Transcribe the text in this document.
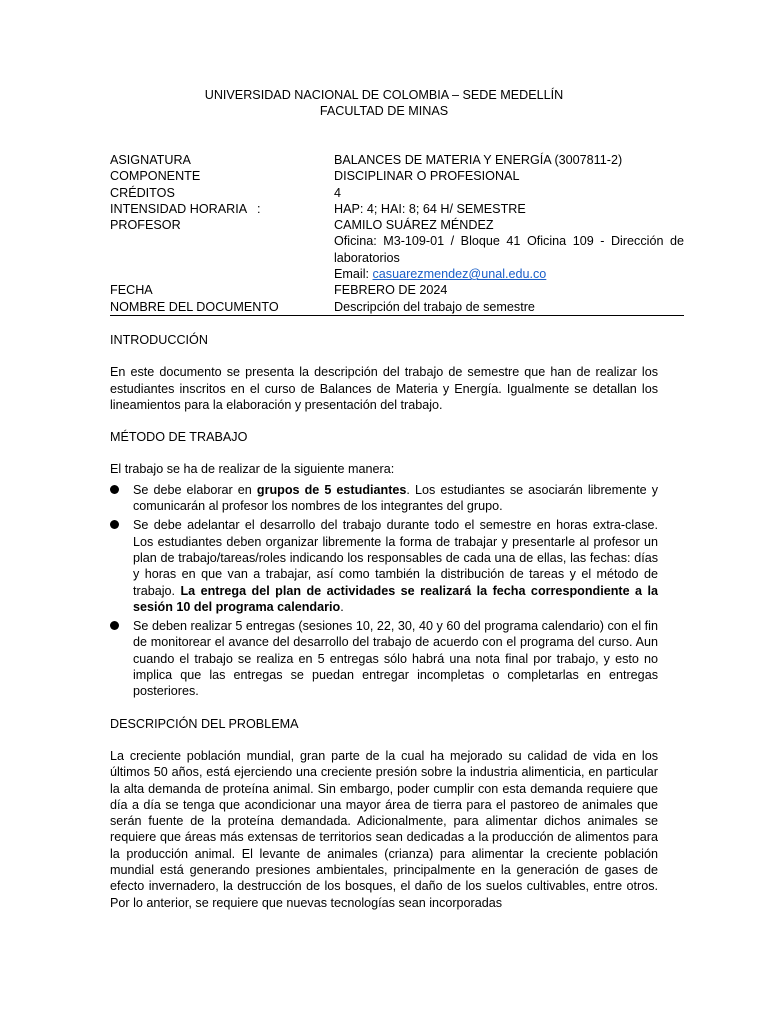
UNIVERSIDAD NACIONAL DE COLOMBIA – SEDE MEDELLÍN
FACULTAD DE MINAS
ASIGNATURA	BALANCES DE MATERIA Y ENERGÍA (3007811-2)
COMPONENTE	DISCIPLINAR O PROFESIONAL
CRÉDITOS	4
INTENSIDAD HORARIA   :	HAP: 4; HAI: 8; 64 H/ SEMESTRE
PROFESOR	CAMILO SUÁREZ MÉNDEZ
Oficina: M3-109-01 / Bloque 41 Oficina 109 - Dirección de laboratorios
Email: casuarezmendez@unal.edu.co
FECHA	FEBRERO DE 2024
NOMBRE DEL DOCUMENTO	Descripción del trabajo de semestre
INTRODUCCIÓN

En este documento se presenta la descripción del trabajo de semestre que han de realizar los estudiantes inscritos en el curso de Balances de Materia y Energía. Igualmente se detallan los lineamientos para la elaboración y presentación del trabajo.

MÉTODO DE TRABAJO

El trabajo se ha de realizar de la siguiente manera:

Se debe elaborar en grupos de 5 estudiantes. Los estudiantes se asociarán libremente y comunicarán al profesor los nombres de los integrantes del grupo.
Se debe adelantar el desarrollo del trabajo durante todo el semestre en horas extra-clase. Los estudiantes deben organizar libremente la forma de trabajar y presentarle al profesor un plan de trabajo/tareas/roles indicando los responsables de cada una de ellas, las fechas: días y horas en que van a trabajar, así como también la distribución de tareas y el método de trabajo. La entrega del plan de actividades se realizará la fecha correspondiente a la sesión 10 del programa calendario.
Se deben realizar 5 entregas (sesiones 10, 22, 30, 40 y 60 del programa calendario) con el fin de monitorear el avance del desarrollo del trabajo de acuerdo con el programa del curso. Aun cuando el trabajo se realiza en 5 entregas sólo habrá una nota final por trabajo, y esto no implica que las entregas se puedan entregar incompletas o completarlas en entregas posteriores.
DESCRIPCIÓN DEL PROBLEMA

La creciente población mundial, gran parte de la cual ha mejorado su calidad de vida en los últimos 50 años, está ejerciendo una creciente presión sobre la industria alimenticia, en particular la alta demanda de proteína animal. Sin embargo, poder cumplir con esta demanda requiere que día a día se tenga que acondicionar una mayor área de tierra para el pastoreo de animales que serán fuente de la proteína demandada. Adicionalmente, para alimentar dichos animales se requiere que áreas más extensas de territorios sean dedicadas a la producción de alimentos para la producción animal. El levante de animales (crianza) para alimentar la creciente población mundial está generando presiones ambientales, principalmente en la generación de gases de efecto invernadero, la destrucción de los bosques, el daño de los suelos cultivables, entre otros. Por lo anterior, se requiere que nuevas tecnologías sean incorporadas
